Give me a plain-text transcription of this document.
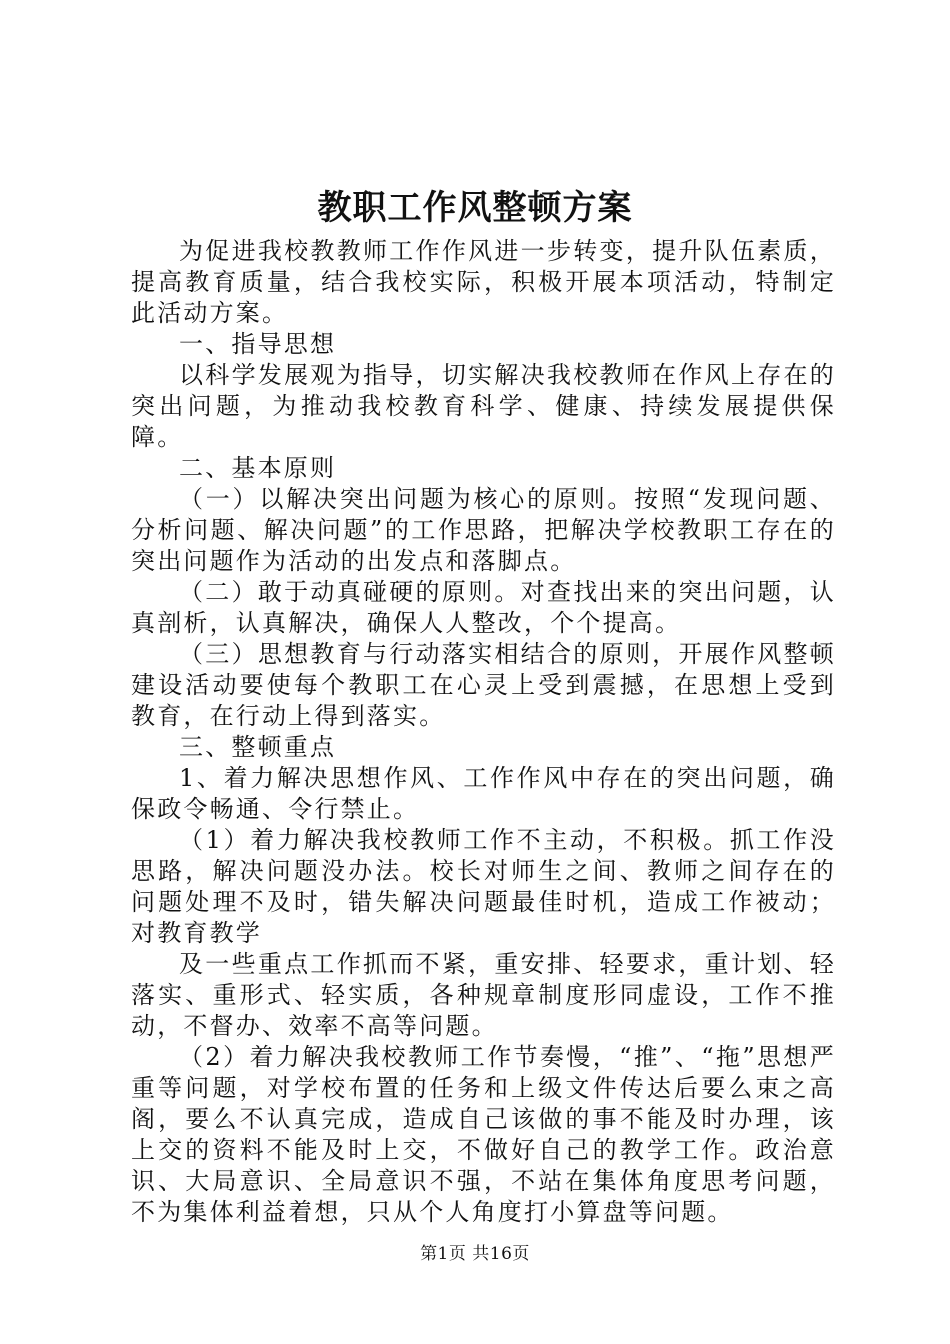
教职工作风整顿方案

为促进我校教教师工作作风进一步转变，提升队伍素质，提高教育质量，结合我校实际，积极开展本项活动，特制定此活动方案。

一、指导思想

以科学发展观为指导，切实解决我校教师在作风上存在的突出问题，为推动我校教育科学、健康、持续发展提供保障。

二、基本原则

（一）以解决突出问题为核心的原则。按照“发现问题、分析问题、解决问题”的工作思路，把解决学校教职工存在的突出问题作为活动的出发点和落脚点。

（二）敢于动真碰硬的原则。对查找出来的突出问题，认真剖析，认真解决，确保人人整改，个个提高。

（三）思想教育与行动落实相结合的原则，开展作风整顿建设活动要使每个教职工在心灵上受到震撼，在思想上受到教育，在行动上得到落实。

三、整顿重点

1、着力解决思想作风、工作作风中存在的突出问题，确保政令畅通、令行禁止。

（1）着力解决我校教师工作不主动，不积极。抓工作没思路，解决问题没办法。校长对师生之间、教师之间存在的问题处理不及时，错失解决问题最佳时机，造成工作被动；对教育教学

及一些重点工作抓而不紧，重安排、轻要求，重计划、轻落实、重形式、轻实质，各种规章制度形同虚设，工作不推动，不督办、效率不高等问题。

（2）着力解决我校教师工作节奏慢，“推”、“拖”思想严重等问题，对学校布置的任务和上级文件传达后要么束之高阁，要么不认真完成，造成自己该做的事不能及时办理，该上交的资料不能及时上交，不做好自己的教学工作。政治意识、大局意识、全局意识不强，不站在集体角度思考问题，不为集体利益着想，只从个人角度打小算盘等问题。

第1页 共16页
